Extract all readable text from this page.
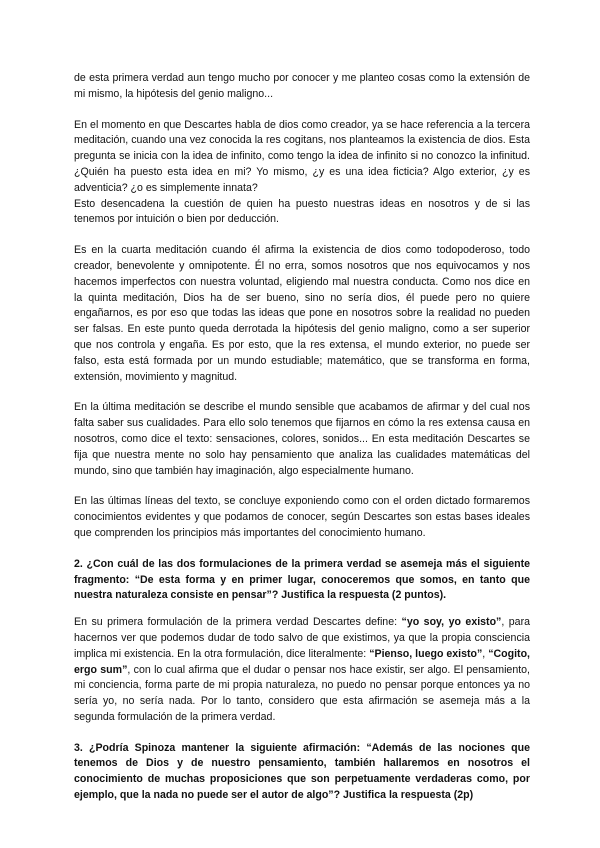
de esta primera verdad aun tengo mucho por conocer y me planteo cosas como la extensión de mi mismo, la hipótesis del genio maligno...

En el momento en que Descartes habla de dios como creador, ya se hace referencia a la tercera meditación, cuando una vez conocida la res cogitans, nos planteamos la existencia de dios. Esta pregunta se inicia con la idea de infinito, como tengo la idea de infinito si no conozco la infinitud. ¿Quién ha puesto esta idea en mi? Yo mismo, ¿y es una idea ficticia? Algo exterior, ¿y es adventicia? ¿o es simplemente innata?

Esto desencadena la cuestión de quien ha puesto nuestras ideas en nosotros y de si las tenemos por intuición o bien por deducción.

Es en la cuarta meditación cuando él afirma la existencia de dios como todopoderoso, todo creador, benevolente y omnipotente. Él no erra, somos nosotros que nos equivocamos y nos hacemos imperfectos con nuestra voluntad, eligiendo mal nuestra conducta. Como nos dice en la quinta meditación, Dios ha de ser bueno, sino no sería dios, él puede pero no quiere engañarnos, es por eso que todas las ideas que pone en nosotros sobre la realidad no pueden ser falsas. En este punto queda derrotada la hipótesis del genio maligno, como a ser superior que nos controla y engaña. Es por esto, que la res extensa, el mundo exterior, no puede ser falso, esta está formada por un mundo estudiable; matemático, que se transforma en forma, extensión, movimiento y magnitud.

En la última meditación se describe el mundo sensible que acabamos de afirmar y del cual nos falta saber sus cualidades. Para ello solo tenemos que fijarnos en cómo la res extensa causa en nosotros, como dice el texto: sensaciones, colores, sonidos... En esta meditación Descartes se fija que nuestra mente no solo hay pensamiento que analiza las cualidades matemáticas del mundo, sino que también hay imaginación, algo especialmente humano.

En las últimas líneas del texto, se concluye exponiendo como con el orden dictado formaremos conocimientos evidentes y que podamos de conocer, según Descartes son estas bases ideales que comprenden los principios más importantes del conocimiento humano.

2. ¿Con cuál de las dos formulaciones de la primera verdad se asemeja más el siguiente fragmento: “De esta forma y en primer lugar, conoceremos que somos, en tanto que nuestra naturaleza consiste en pensar”? Justifica la respuesta (2 puntos).

En su primera formulación de la primera verdad Descartes define: “yo soy, yo existo”, para hacernos ver que podemos dudar de todo salvo de que existimos, ya que la propia consciencia implica mi existencia. En la otra formulación, dice literalmente: “Pienso, luego existo”, “Cogito, ergo sum”, con lo cual afirma que el dudar o pensar nos hace existir, ser algo. El pensamiento, mi conciencia, forma parte de mi propia naturaleza, no puedo no pensar porque entonces ya no sería yo, no sería nada. Por lo tanto, considero que esta afirmación se asemeja más a la segunda formulación de la primera verdad.

3. ¿Podría Spinoza mantener la siguiente afirmación: “Además de las nociones que tenemos de Dios y de nuestro pensamiento, también hallaremos en nosotros el conocimiento de muchas proposiciones que son perpetuamente verdaderas como, por ejemplo, que la nada no puede ser el autor de algo”? Justifica la respuesta (2p)
